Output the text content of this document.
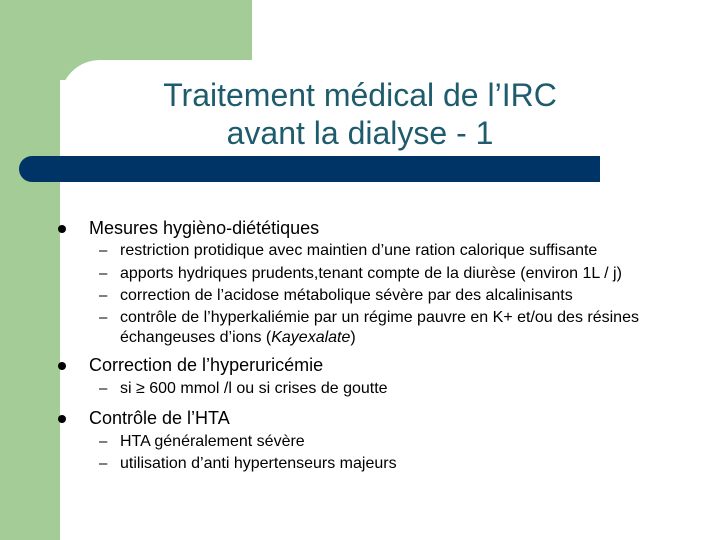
Traitement médical de l’IRC
avant la dialyse - 1
Mesures hygièno-diététiques
– restriction protidique avec maintien d’une ration calorique suffisante
– apports hydriques prudents,tenant compte de la diurèse (environ 1L / j)
– correction de l’acidose métabolique sévère par des alcalinisants
– contrôle de l’hyperkaliémie par un régime pauvre en K+ et/ou des résines
échangeuses d’ions (Kayexalate)
Correction de l’hyperuricémie
– si ≥ 600 mmol /l ou si crises de goutte
Contrôle de l’HTA
– HTA généralement sévère
– utilisation d’anti hypertenseurs majeurs
